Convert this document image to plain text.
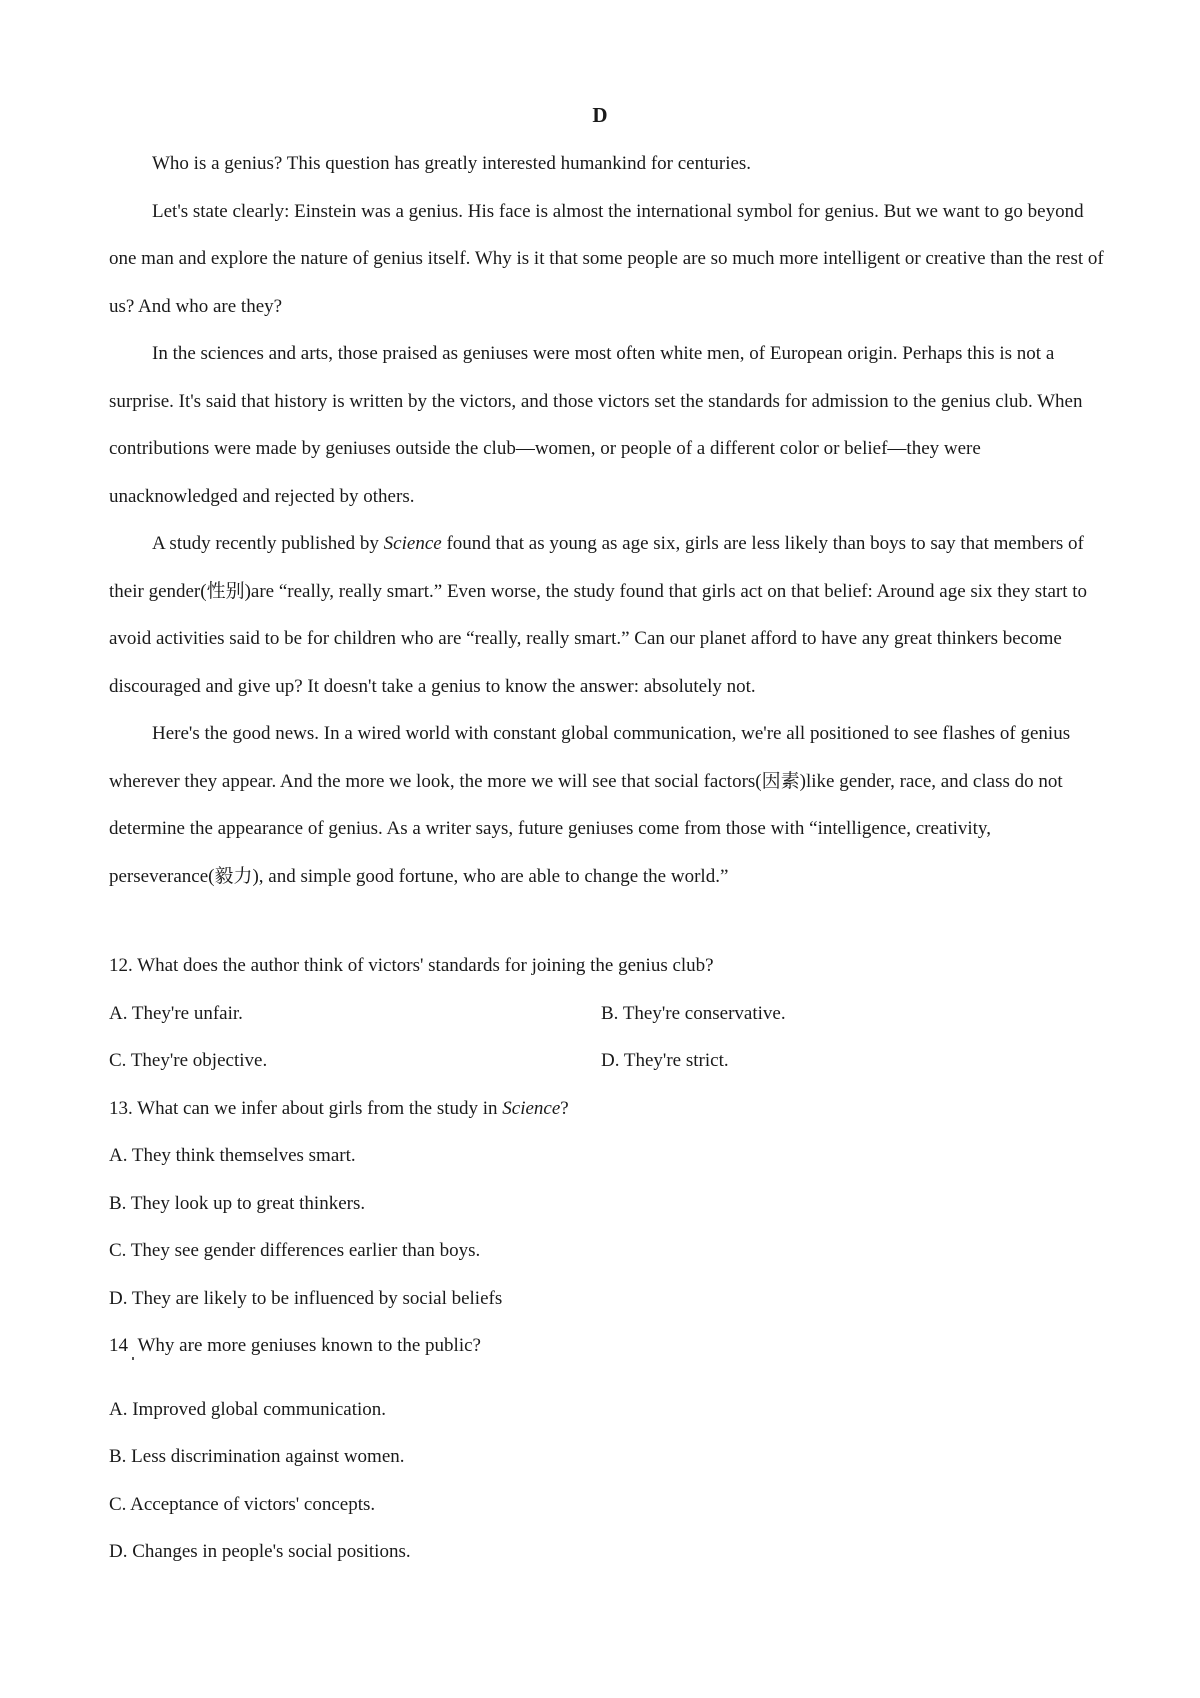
D

Who is a genius? This question has greatly interested humankind for centuries.

Let's state clearly: Einstein was a genius. His face is almost the international symbol for genius. But we want to go beyond one man and explore the nature of genius itself. Why is it that some people are so much more intelligent or creative than the rest of us? And who are they?

In the sciences and arts, those praised as geniuses were most often white men, of European origin. Perhaps this is not a surprise. It's said that history is written by the victors, and those victors set the standards for admission to the genius club. When contributions were made by geniuses outside the club—women, or people of a different color or belief—they were unacknowledged and rejected by others.

A study recently published by Science found that as young as age six, girls are less likely than boys to say that members of their gender(性别)are “really, really smart.” Even worse, the study found that girls act on that belief: Around age six they start to avoid activities said to be for children who are “really, really smart.” Can our planet afford to have any great thinkers become discouraged and give up? It doesn't take a genius to know the answer: absolutely not.

Here's the good news. In a wired world with constant global communication, we're all positioned to see flashes of genius wherever they appear. And the more we look, the more we will see that social factors(因素)like gender, race, and class do not determine the appearance of genius. As a writer says, future geniuses come from those with “intelligence, creativity, perseverance(毅力), and simple good fortune, who are able to change the world.”

12. What does the author think of victors' standards for joining the genius club?
A. They're unfair.	B. They're conservative.
C. They're objective.	D. They're strict.
13. What can we infer about girls from the study in Science?
A. They think themselves smart.
B. They look up to great thinkers.
C. They see gender differences earlier than boys.
D. They are likely to be influenced by social beliefs
14 Why are more geniuses known to the public?
A. Improved global communication.
B. Less discrimination against women.
C. Acceptance of victors' concepts.
D. Changes in people's social positions.
